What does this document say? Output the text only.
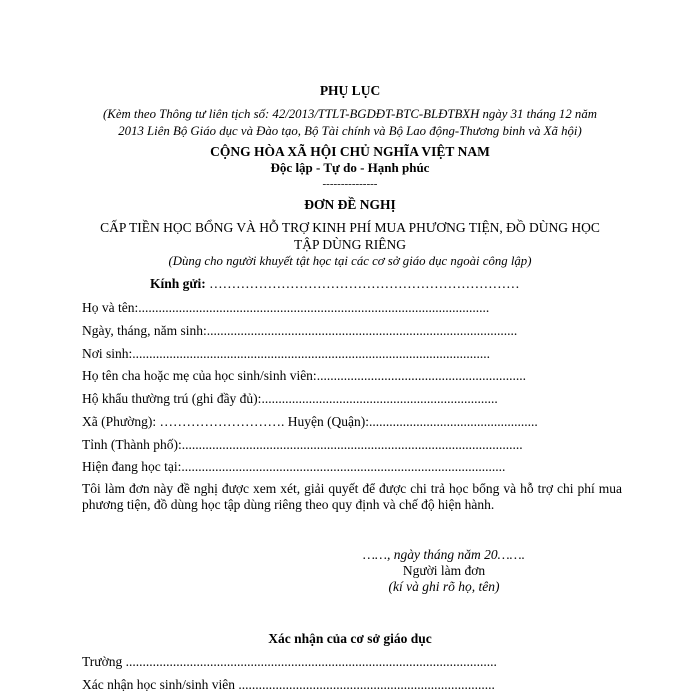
PHỤ LỤC
(Kèm theo Thông tư liên tịch số: 42/2013/TTLT-BGDĐT-BTC-BLĐTBXH ngày 31 tháng 12 năm
2013 Liên Bộ Giáo dục và Đào tạo, Bộ Tài chính và Bộ Lao động-Thương binh và Xã hội)
CỘNG HÒA XÃ HỘI CHỦ NGHĨA VIỆT NAM
Độc lập - Tự do - Hạnh phúc
---------------
ĐƠN ĐỀ NGHỊ
CẤP TIỀN HỌC BỔNG VÀ HỖ TRỢ KINH PHÍ MUA PHƯƠNG TIỆN, ĐỒ DÙNG HỌC
TẬP DÙNG RIÊNG
(Dùng cho người khuyết tật học tại các cơ sở giáo dục ngoài công lập)
Kính gửi: ……………………………………………………………
Họ và tên:........................................................................................................
Ngày, tháng, năm sinh:............................................................................................
Nơi sinh:..........................................................................................................
Họ tên cha hoặc mẹ của học sinh/sinh viên:..............................................................
Hộ khẩu thường trú (ghi đầy đủ):......................................................................
Xã (Phường): ………………………. Huyện (Quận):..................................................
Tỉnh (Thành phố):.....................................................................................................
Hiện đang học tại:................................................................................................
Tôi làm đơn này đề nghị được xem xét, giải quyết để được chi trả học bổng và hỗ trợ chi phí mua
phương tiện, đồ dùng học tập dùng riêng theo quy định và chế độ hiện hành.
……, ngày tháng năm 20…….
Người làm đơn
(kí và ghi rõ họ, tên)
Xác nhận của cơ sở giáo dục
Trường ..............................................................................................................
Xác nhận học sinh/sinh viên ............................................................................
